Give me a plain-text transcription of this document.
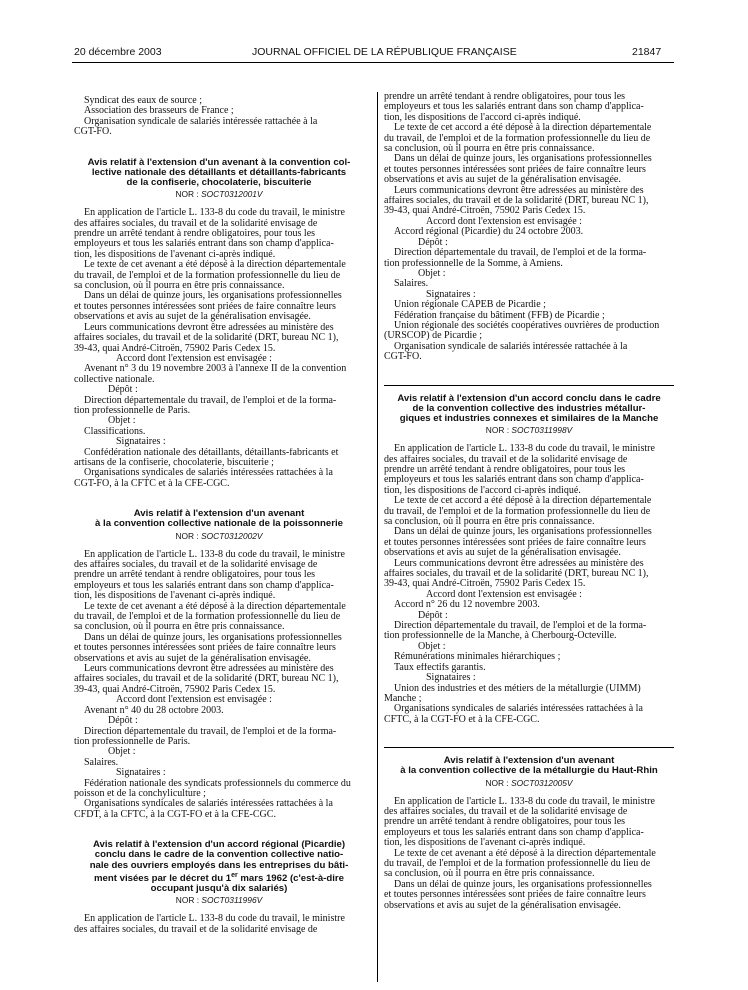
20 décembre 2003	JOURNAL OFFICIEL DE LA RÉPUBLIQUE FRANÇAISE	21847
Syndicat des eaux de source ;
Association des brasseurs de France ;
Organisation syndicale de salariés intéressée rattachée à la
CGT-FO.
Avis relatif à l'extension d'un avenant à la convention col-
lective nationale des détaillants et détaillants-fabricants
de la confiserie, chocolaterie, biscuiterie
NOR : SOCT0312001V
En application de l'article L. 133-8 du code du travail, le ministre
des affaires sociales, du travail et de la solidarité envisage de
prendre un arrêté tendant à rendre obligatoires, pour tous les
employeurs et tous les salariés entrant dans son champ d'applica-
tion, les dispositions de l'avenant ci-après indiqué.
Le texte de cet avenant a été déposé à la direction départementale
du travail, de l'emploi et de la formation professionnelle du lieu de
sa conclusion, où il pourra en être pris connaissance.
Dans un délai de quinze jours, les organisations professionnelles
et toutes personnes intéressées sont priées de faire connaître leurs
observations et avis au sujet de la généralisation envisagée.
Leurs communications devront être adressées au ministère des
affaires sociales, du travail et de la solidarité (DRT, bureau NC 1),
39-43, quai André-Citroën, 75902 Paris Cedex 15.
Accord dont l'extension est envisagée :
Avenant n° 3 du 19 novembre 2003 à l'annexe II de la convention
collective nationale.
Dépôt :
Direction départementale du travail, de l'emploi et de la forma-
tion professionnelle de Paris.
Objet :
Classifications.
Signataires :
Confédération nationale des détaillants, détaillants-fabricants et
artisans de la confiserie, chocolaterie, biscuiterie ;
Organisations syndicales de salariés intéressées rattachées à la
CGT-FO, à la CFTC et à la CFE-CGC.
Avis relatif à l'extension d'un avenant
à la convention collective nationale de la poissonnerie
NOR : SOCT0312002V
En application de l'article L. 133-8 du code du travail, le ministre
des affaires sociales, du travail et de la solidarité envisage de
prendre un arrêté tendant à rendre obligatoires, pour tous les
employeurs et tous les salariés entrant dans son champ d'applica-
tion, les dispositions de l'avenant ci-après indiqué.
Le texte de cet avenant a été déposé à la direction départementale
du travail, de l'emploi et de la formation professionnelle du lieu de
sa conclusion, où il pourra en être pris connaissance.
Dans un délai de quinze jours, les organisations professionnelles
et toutes personnes intéressées sont priées de faire connaître leurs
observations et avis au sujet de la généralisation envisagée.
Leurs communications devront être adressées au ministère des
affaires sociales, du travail et de la solidarité (DRT, bureau NC 1),
39-43, quai André-Citroën, 75902 Paris Cedex 15.
Accord dont l'extension est envisagée :
Avenant n° 40 du 28 octobre 2003.
Dépôt :
Direction départementale du travail, de l'emploi et de la forma-
tion professionnelle de Paris.
Objet :
Salaires.
Signataires :
Fédération nationale des syndicats professionnels du commerce du
poisson et de la conchyliculture ;
Organisations syndicales de salariés intéressées rattachées à la
CFDT, à la CFTC, à la CGT-FO et à la CFE-CGC.
Avis relatif à l'extension d'un accord régional (Picardie)
conclu dans le cadre de la convention collective natio-
nale des ouvriers employés dans les entreprises du bâti-
ment visées par le décret du 1er mars 1962 (c'est-à-dire
occupant jusqu'à dix salariés)
NOR : SOCT0311996V
En application de l'article L. 133-8 du code du travail, le ministre
des affaires sociales, du travail et de la solidarité envisage de
prendre un arrêté tendant à rendre obligatoires, pour tous les
employeurs et tous les salariés entrant dans son champ d'applica-
tion, les dispositions de l'accord ci-après indiqué.
Le texte de cet accord a été déposé à la direction départementale
du travail, de l'emploi et de la formation professionnelle du lieu de
sa conclusion, où il pourra en être pris connaissance.
Dans un délai de quinze jours, les organisations professionnelles
et toutes personnes intéressées sont priées de faire connaître leurs
observations et avis au sujet de la généralisation envisagée.
Leurs communications devront être adressées au ministère des
affaires sociales, du travail et de la solidarité (DRT, bureau NC 1),
39-43, quai André-Citroën, 75902 Paris Cedex 15.
Accord dont l'extension est envisagée :
Accord régional (Picardie) du 24 octobre 2003.
Dépôt :
Direction départementale du travail, de l'emploi et de la forma-
tion professionnelle de la Somme, à Amiens.
Objet :
Salaires.
Signataires :
Union régionale CAPEB de Picardie ;
Fédération française du bâtiment (FFB) de Picardie ;
Union régionale des sociétés coopératives ouvrières de production
(URSCOP) de Picardie ;
Organisation syndicale de salariés intéressée rattachée à la
CGT-FO.
Avis relatif à l'extension d'un accord conclu dans le cadre
de la convention collective des industries métallur-
giques et industries connexes et similaires de la Manche
NOR : SOCT0311998V
En application de l'article L. 133-8 du code du travail, le ministre
des affaires sociales, du travail et de la solidarité envisage de
prendre un arrêté tendant à rendre obligatoires, pour tous les
employeurs et tous les salariés entrant dans son champ d'applica-
tion, les dispositions de l'accord ci-après indiqué.
Le texte de cet accord a été déposé à la direction départementale
du travail, de l'emploi et de la formation professionnelle du lieu de
sa conclusion, où il pourra en être pris connaissance.
Dans un délai de quinze jours, les organisations professionnelles
et toutes personnes intéressées sont priées de faire connaître leurs
observations et avis au sujet de la généralisation envisagée.
Leurs communications devront être adressées au ministère des
affaires sociales, du travail et de la solidarité (DRT, bureau NC 1),
39-43, quai André-Citroën, 75902 Paris Cedex 15.
Accord dont l'extension est envisagée :
Accord n° 26 du 12 novembre 2003.
Dépôt :
Direction départementale du travail, de l'emploi et de la forma-
tion professionnelle de la Manche, à Cherbourg-Octeville.
Objet :
Rémunérations minimales hiérarchiques ;
Taux effectifs garantis.
Signataires :
Union des industries et des métiers de la métallurgie (UIMM)
Manche ;
Organisations syndicales de salariés intéressées rattachées à la
CFTC, à la CGT-FO et à la CFE-CGC.
Avis relatif à l'extension d'un avenant
à la convention collective de la métallurgie du Haut-Rhin
NOR : SOCT0312005V
En application de l'article L. 133-8 du code du travail, le ministre
des affaires sociales, du travail et de la solidarité envisage de
prendre un arrêté tendant à rendre obligatoires, pour tous les
employeurs et tous les salariés entrant dans son champ d'applica-
tion, les dispositions de l'avenant ci-après indiqué.
Le texte de cet avenant a été déposé à la direction départementale
du travail, de l'emploi et de la formation professionnelle du lieu de
sa conclusion, où il pourra en être pris connaissance.
Dans un délai de quinze jours, les organisations professionnelles
et toutes personnes intéressées sont priées de faire connaître leurs
observations et avis au sujet de la généralisation envisagée.
